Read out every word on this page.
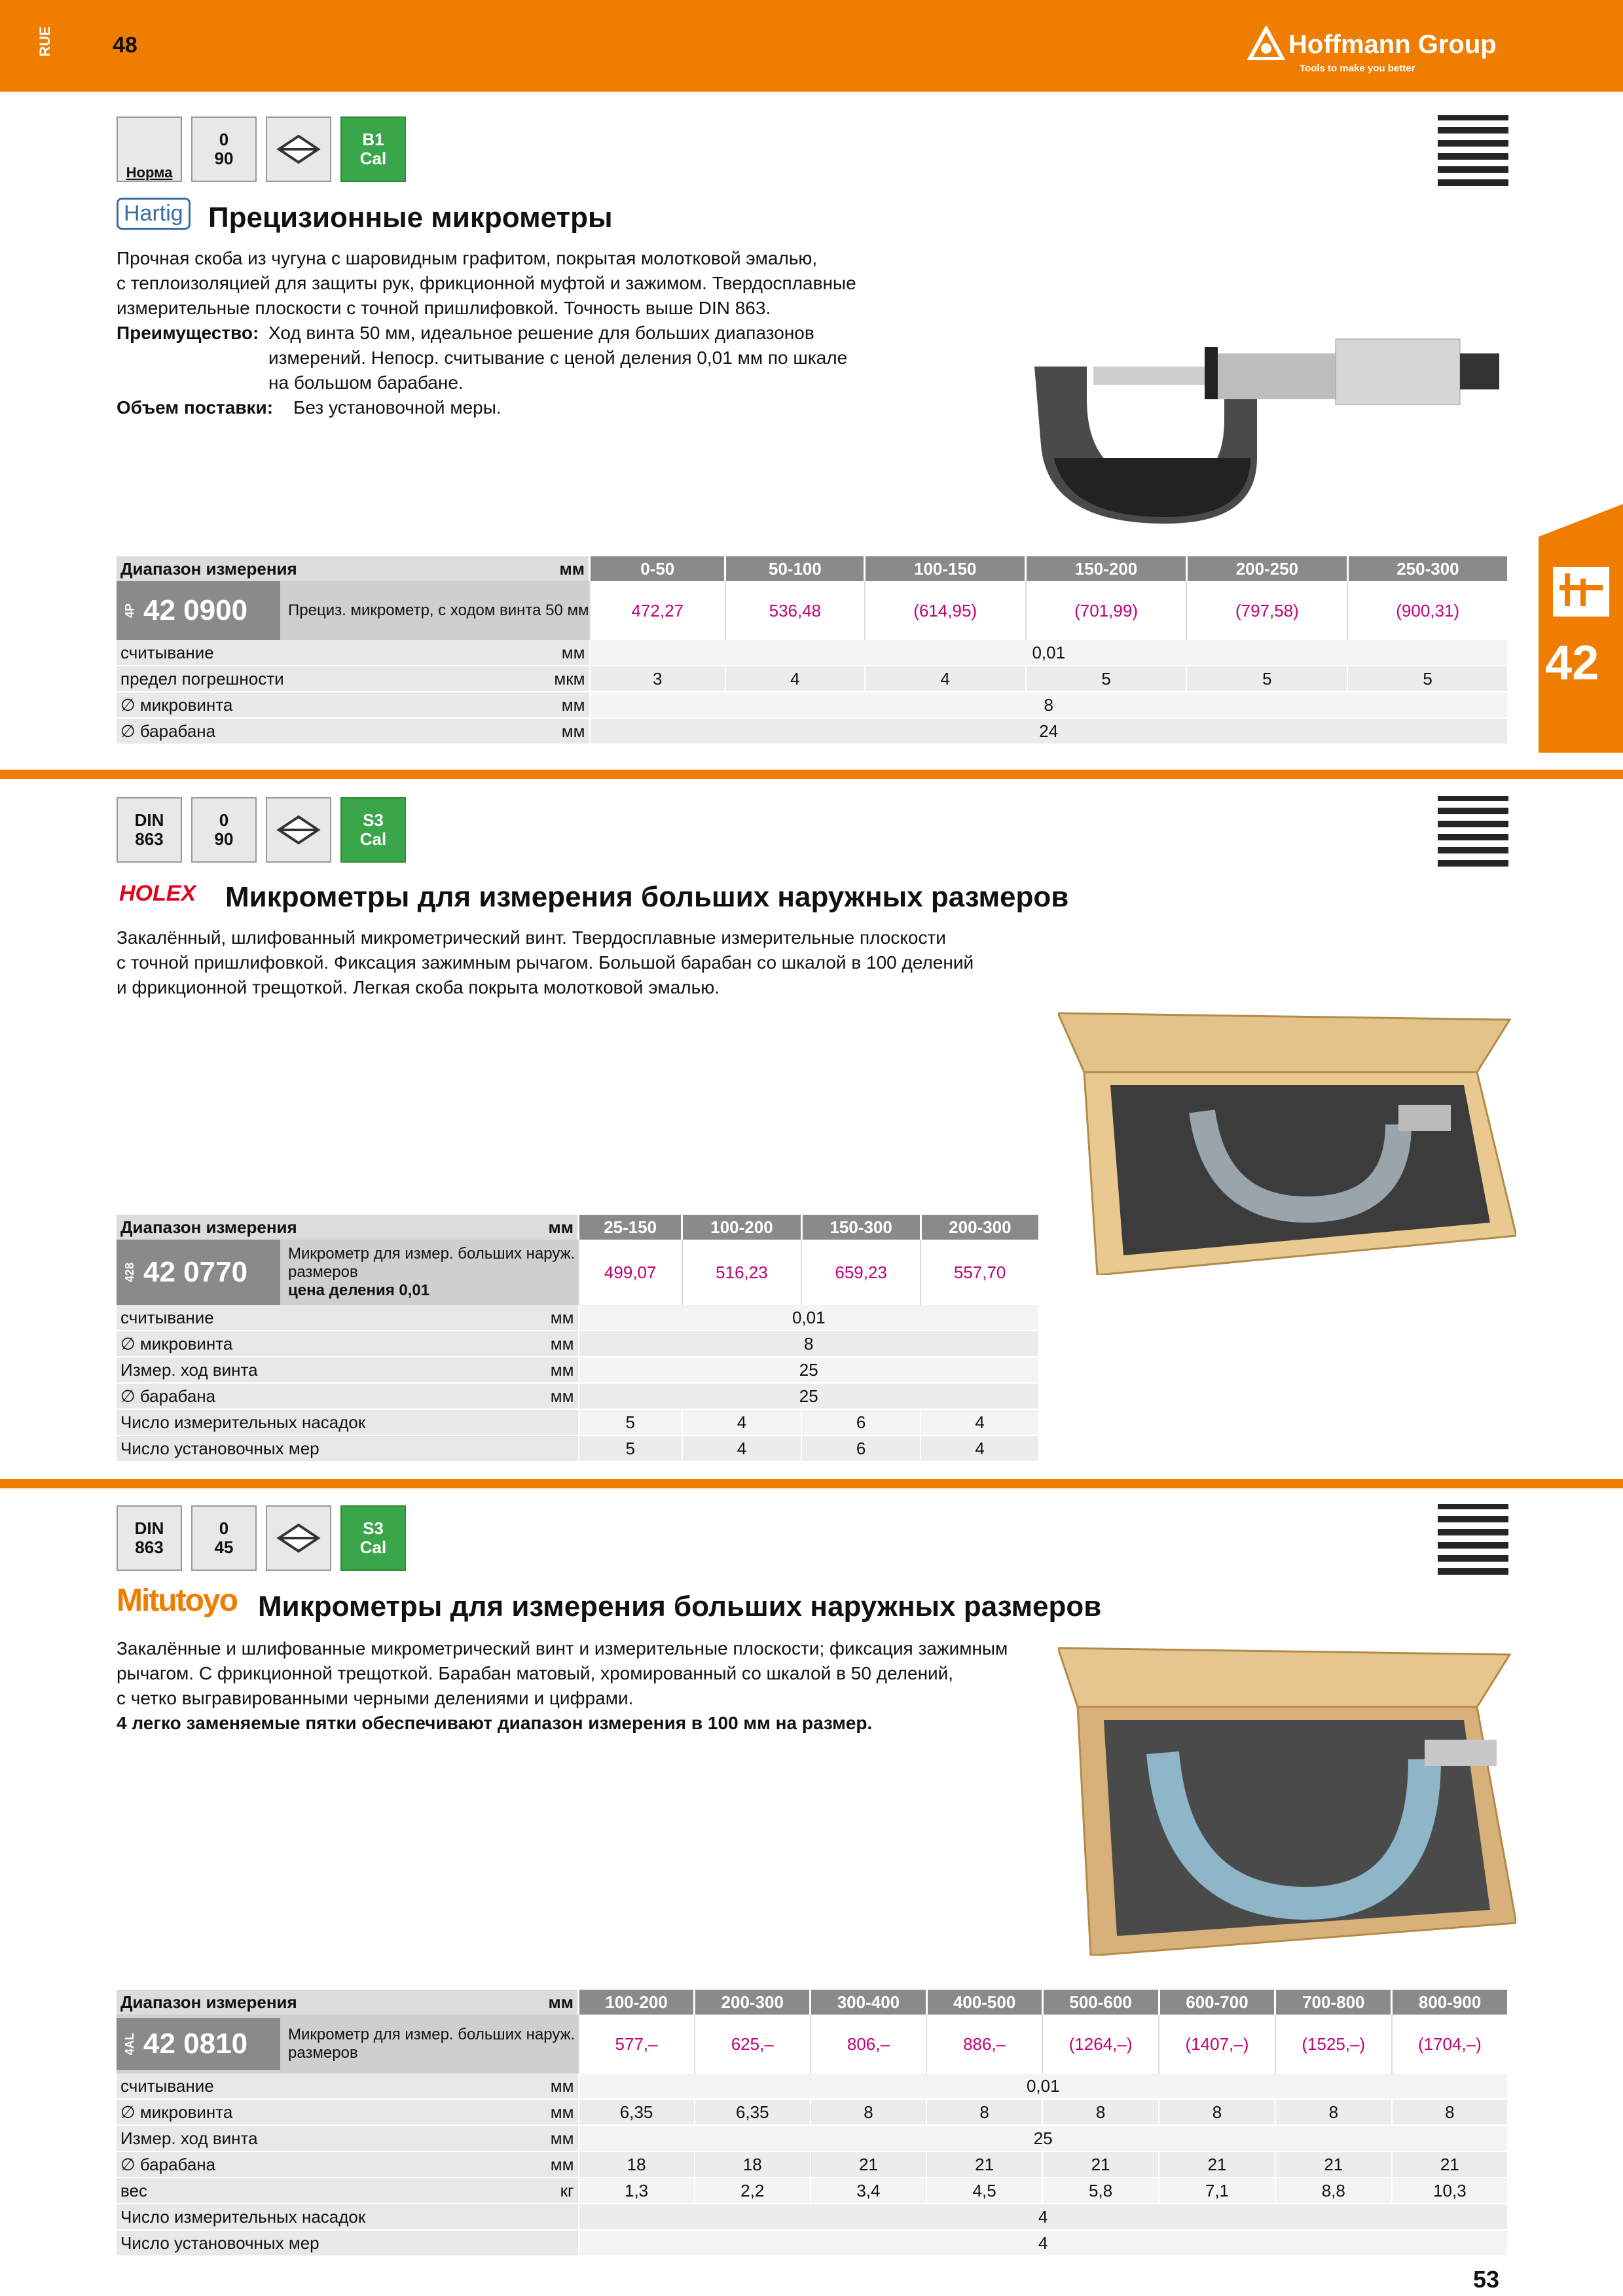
RUE	48	Hoffmann Group
Tools to make you better
42
Норма
0
90
B1
Cal
Hartig Прецизионные микрометры
Прочная скоба из чугуна с шаровидным графитом, покрытая молотковой эмалью,
с теплоизоляцией для защиты рук, фрикционной муфтой и зажимом. Твердосплавные
измерительные плоскости с точной пришлифовкой. Точность выше DIN 863.
Преимущество: Ход винта 50 мм, идеальное решение для больших диапазонов
измерений. Непоср. считывание с ценой деления 0,01 мм по шкале
на большом барабане.
Объем поставки:	Без установочной меры.
Диапазон измерения	мм	0-50	50-100	100-150	150-200	200-250	250-300

4P 42 0900 Прециз. микрометр, с ходом винта 50 мм		472,27	536,48	(614,95)	(701,99)	(797,58)	(900,31)
считывание	мм	0,01					
предел погрешности	мкм	3	4	4	5	5	5
∅ микровинта	мм	8					
∅ барабана	мм	24					
DIN
863
0
90
S3
Cal
HOLEX Микрометры для измерения больших наружных размеров
Закалённый, шлифованный микрометрический винт. Твердосплавные измерительные плоскости
с точной пришлифовкой. Фиксация зажимным рычагом. Большой барабан со шкалой в 100 делений
и фрикционной трещоткой. Легкая скоба покрыта молотковой эмалью.
Диапазон измерения	мм	25-150	100-200	150-300	200-300

428 42 0770
Микрометр для измер. больших наруж.
размеров
цена деления 0,01		499,07	516,23	659,23	557,70
считывание	мм	0,01			
∅ микровинта	мм	8			
Измер. ход винта	мм	25			
∅ барабана	мм	25			
Число измерительных насадок		5	4	6	4
Число установочных мер		5	4	6	4
DIN
863
0
45
S3
Cal
Mitutoyo Микрометры для измерения больших наружных размеров
Закалённые и шлифованные микрометрический винт и измерительные плоскости; фиксация зажимным
рычагом. С фрикционной трещоткой. Барабан матовый, хромированный со шкалой в 50 делений,
с четко выгравированными черными делениями и цифрами.
4 легко заменяемые пятки обеспечивают диапазон измерения в 100 мм на размер.
Диапазон измерения	мм	100-200	200-300	300-400	400-500	500-600	600-700	700-800	800-900

4AL 42 0810 Микрометр для измер. больших наруж.
размеров		577,–	625,–	806,–	886,–	(1264,–)	(1407,–)	(1525,–)	(1704,–)
считывание	мм	0,01							
∅ микровинта	мм	6,35	6,35	8	8	8	8	8	8
Измер. ход винта	мм	25							
∅ барабана	мм	18	18	21	21	21	21	21	21
вес	кг	1,3	2,2	3,4	4,5	5,8	7,1	8,8	10,3
Число измерительных насадок		4							
Число установочных мер		4							
53
